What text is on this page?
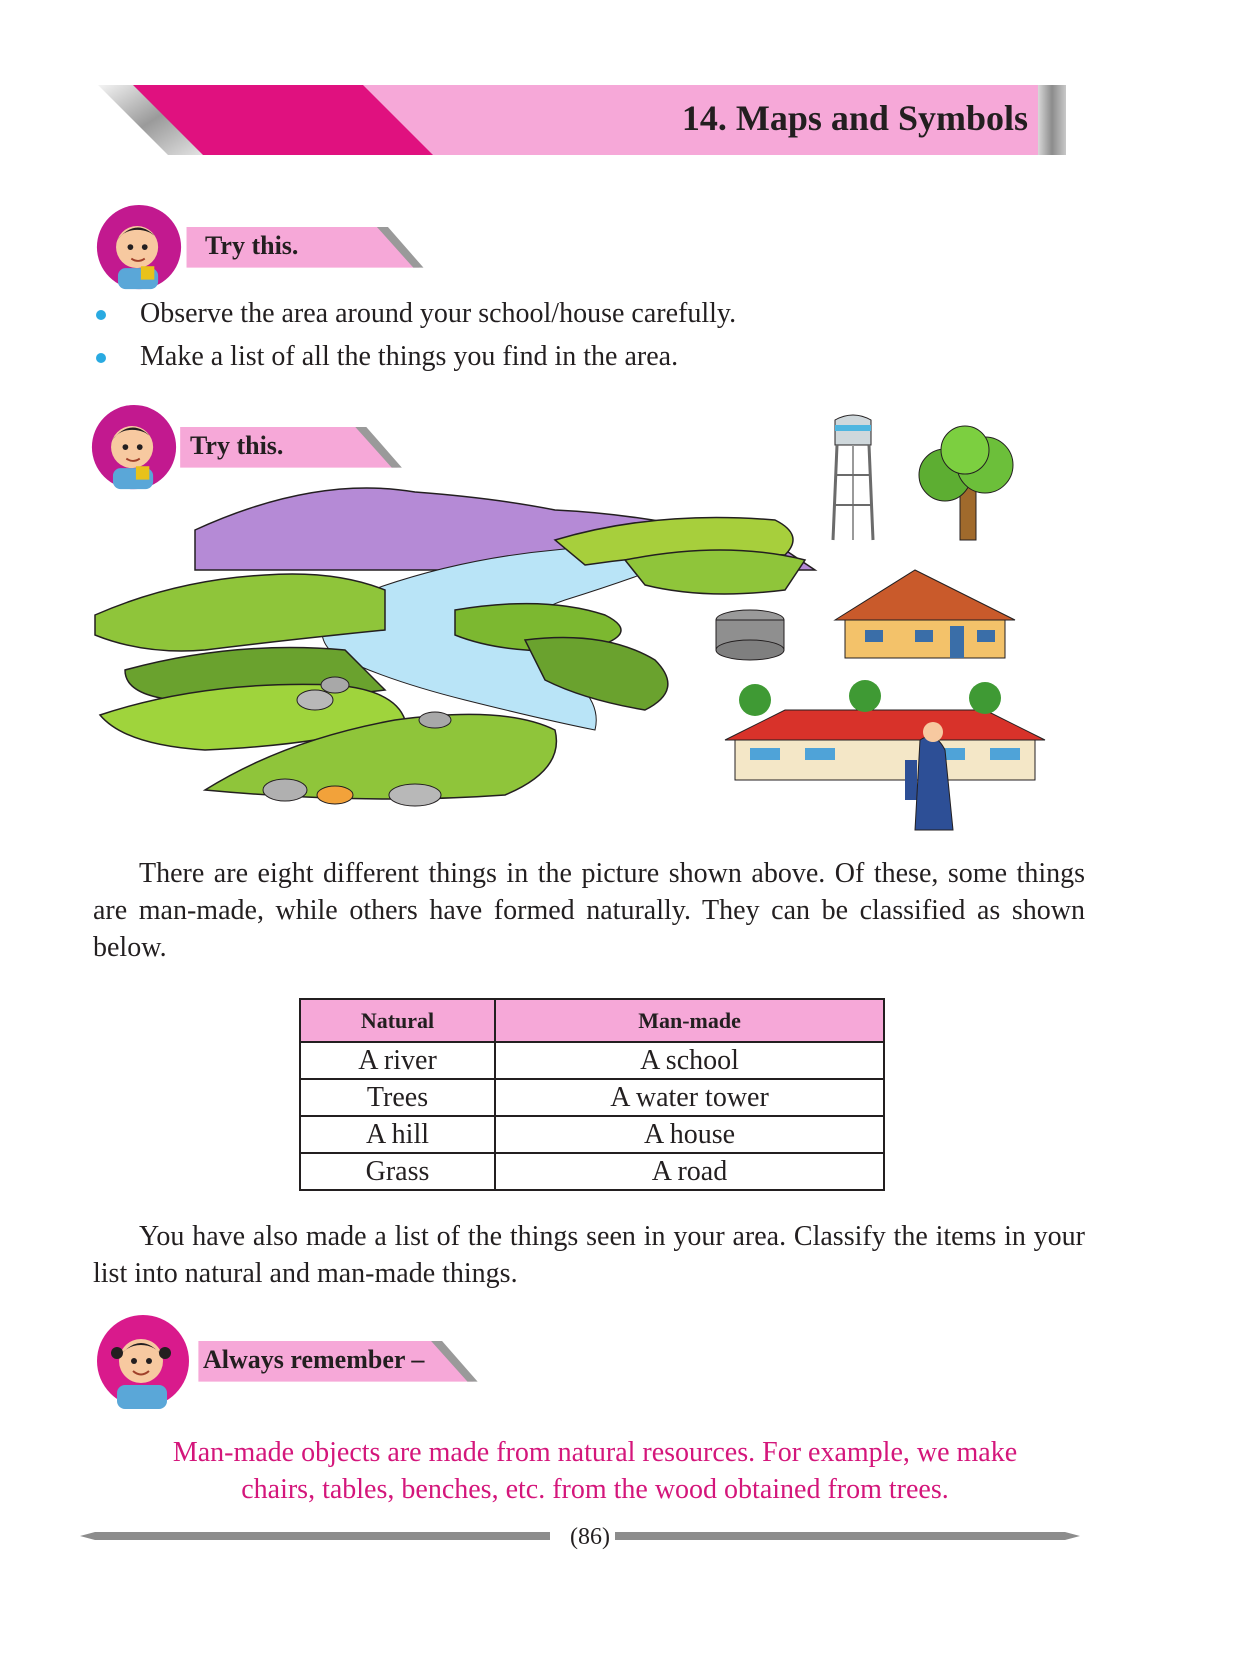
14. Maps and Symbols
Try this.
Observe the area around your school/house carefully.
Make a list of all the things you find in the area.
Try this.
There are eight different things in the picture shown above. Of these, some things are man-made, while others have formed naturally. They can be classified as shown below.
Natural	Man-made
A river	A school
Trees	A water tower
A hill	A house
Grass	A road
You have also made a list of the things seen in your area. Classify the items in your list into natural and man-made things.
Always remember –
Man-made objects are made from natural resources. For example, we make
chairs, tables, benches, etc. from the wood obtained from trees.
(86)
